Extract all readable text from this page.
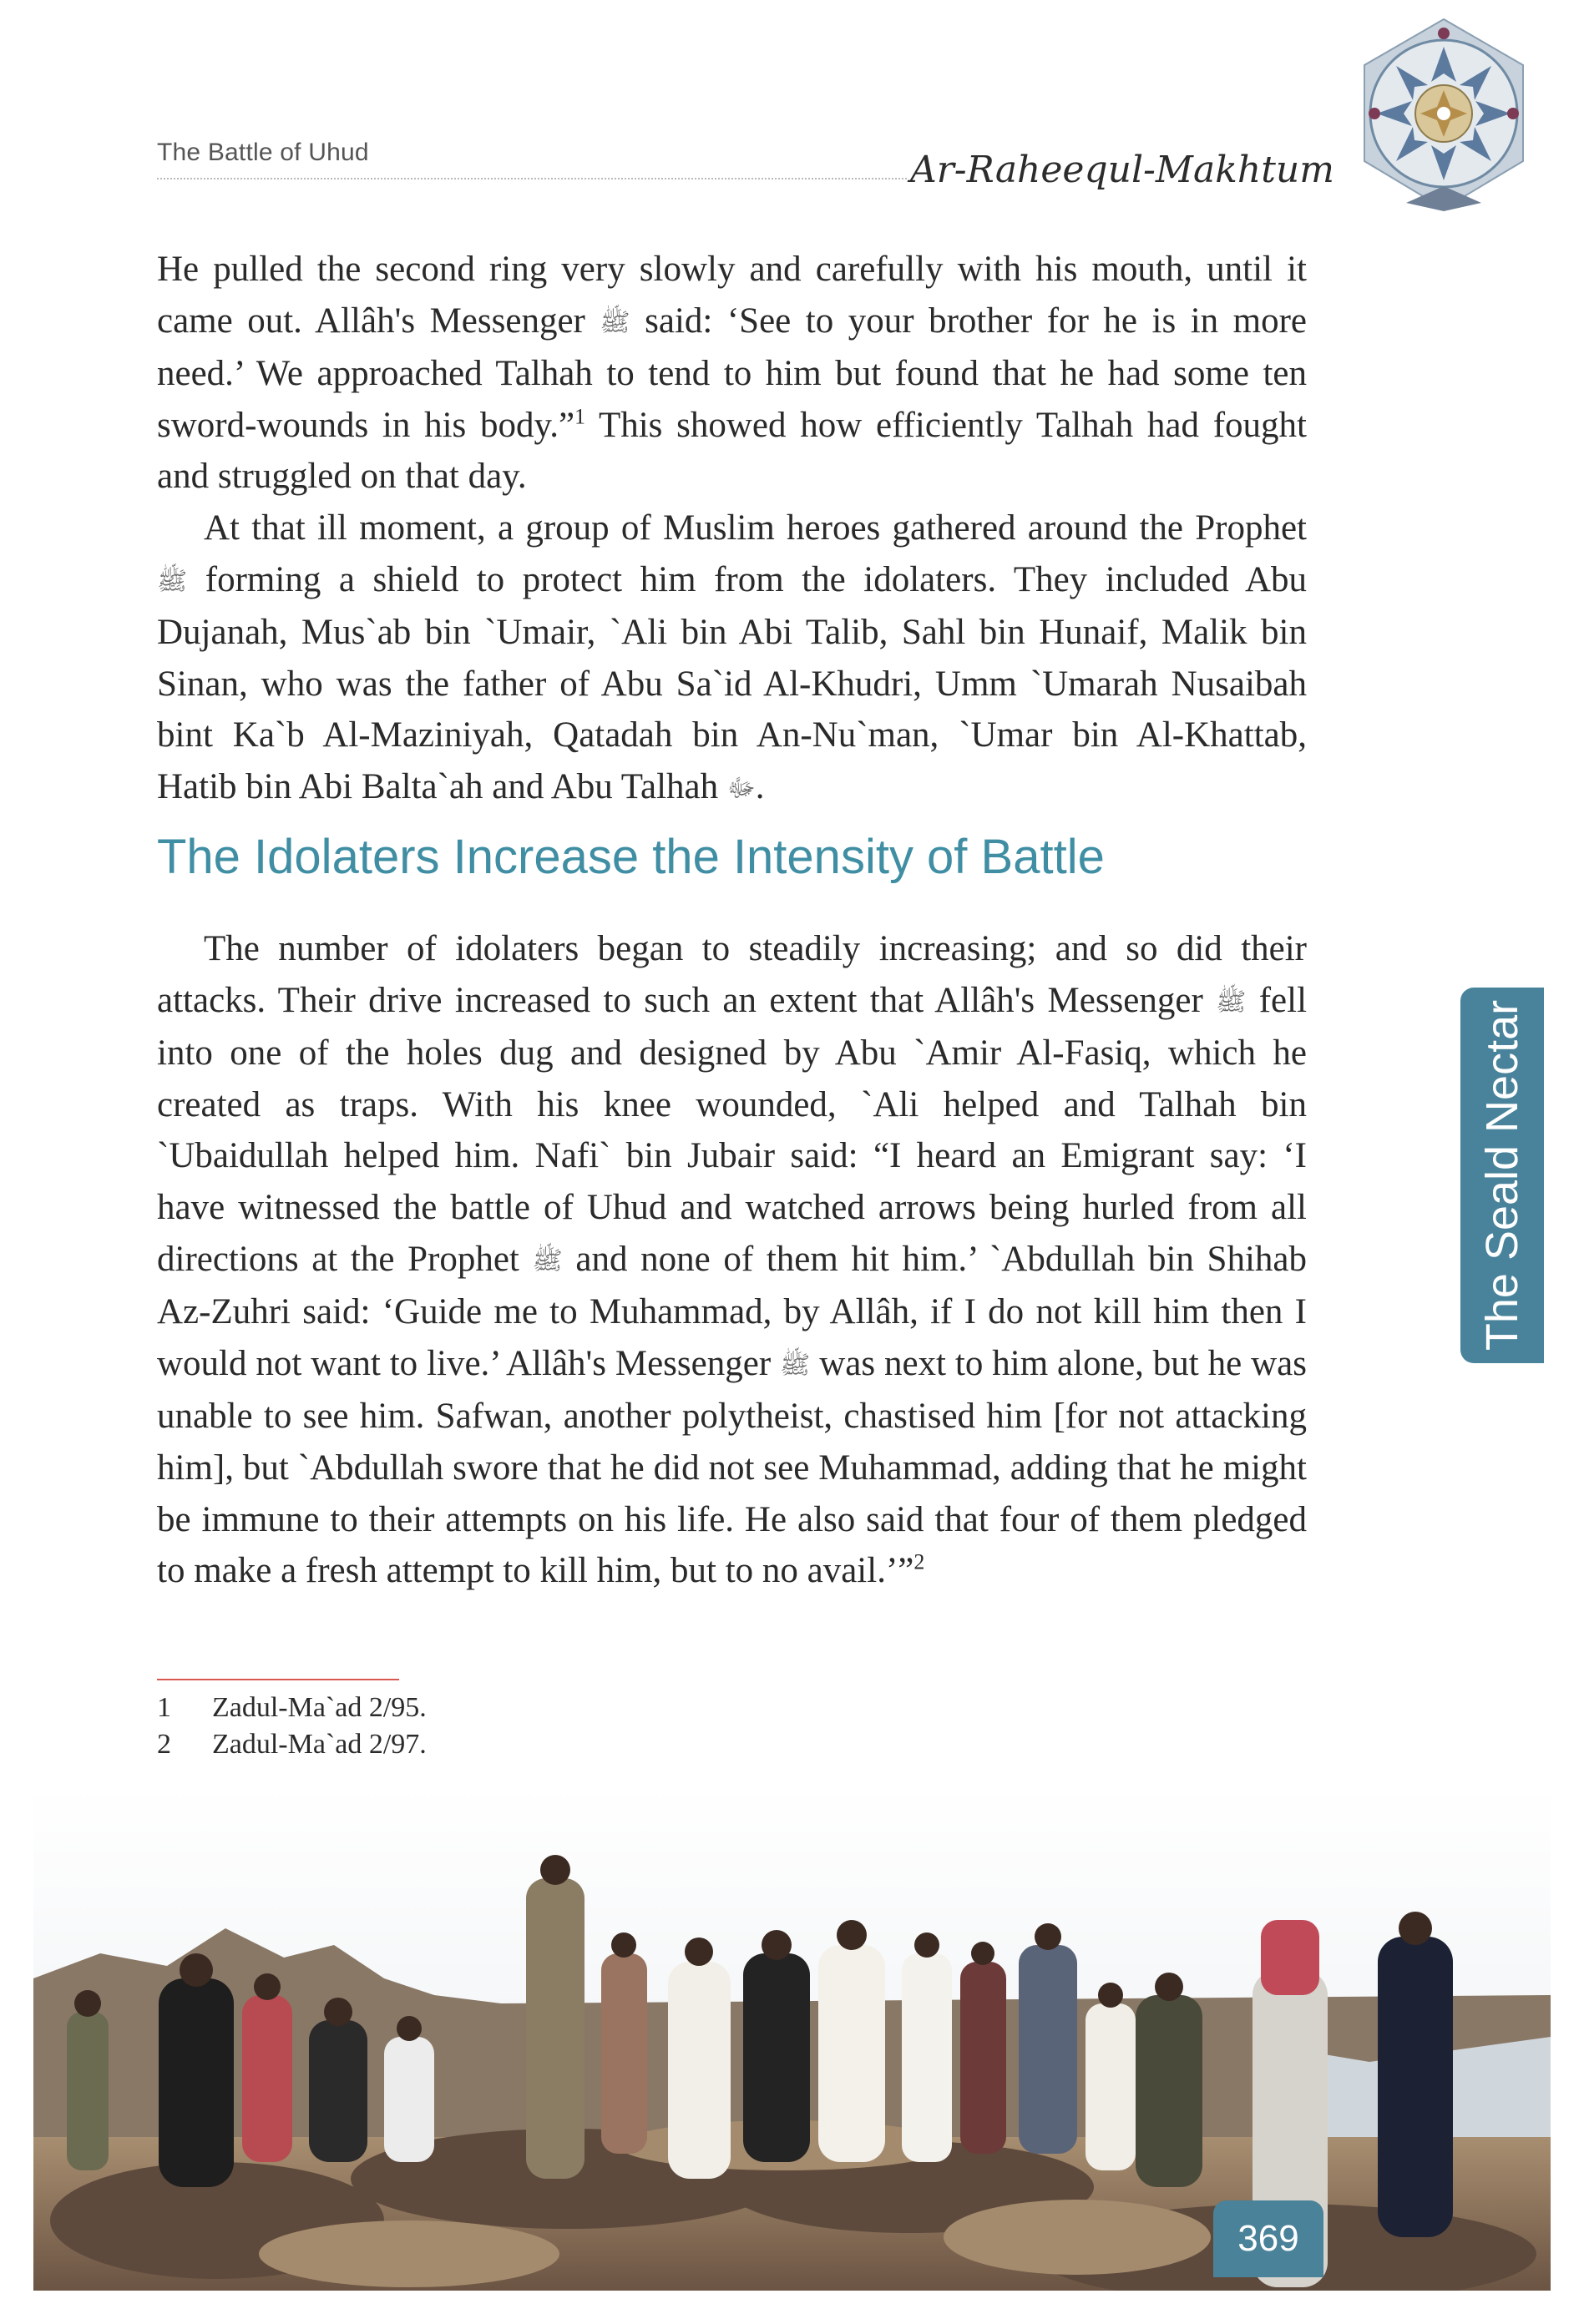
The Battle of Uhud	Ar-Raheequl-Makhtum

He pulled the second ring very slowly and carefully with his mouth, until it came out. Allâh's Messenger ﷺ said: ‘See to your brother for he is in more need.’ We approached Talhah to tend to him but found that he had some ten sword-wounds in his body.”$^1$ This showed how efficiently Talhah had fought and struggled on that day.

At that ill moment, a group of Muslim heroes gathered around the Prophet ﷺ forming a shield to protect him from the idolaters. They included Abu Dujanah, Mus`ab bin `Umair, `Ali bin Abi Talib, Sahl bin Hunaif, Malik bin Sinan, who was the father of Abu Sa`id Al-Khudri, Umm `Umarah Nusaibah bint Ka`b Al-Maziniyah, Qatadah bin An-Nu`man, `Umar bin Al-Khattab, Hatib bin Abi Balta`ah and Abu Talhah ﷻ.

The Idolaters Increase the Intensity of Battle

The number of idolaters began to steadily increasing; and so did their attacks. Their drive increased to such an extent that Allâh's Messenger ﷺ fell into one of the holes dug and designed by Abu `Amir Al-Fasiq, which he created as traps. With his knee wounded, `Ali helped and Talhah bin `Ubaidullah helped him. Nafi` bin Jubair said: “I heard an Emigrant say: ‘I have witnessed the battle of Uhud and watched arrows being hurled from all directions at the Prophet ﷺ and none of them hit him.’ `Abdullah bin Shihab Az-Zuhri said: ‘Guide me to Muhammad, by Allâh, if I do not kill him then I would not want to live.’ Allâh's Messenger ﷺ was next to him alone, but he was unable to see him. Safwan, another polytheist, chastised him [for not attacking him], but `Abdullah swore that he did not see Muhammad, adding that he might be immune to their attempts on his life. He also said that four of them pledged to make a fresh attempt to kill him, but to no avail.’”$^2$

The Seald Nectar
1	Zadul-Ma`ad 2/95.
2	Zadul-Ma`ad 2/97.
369
